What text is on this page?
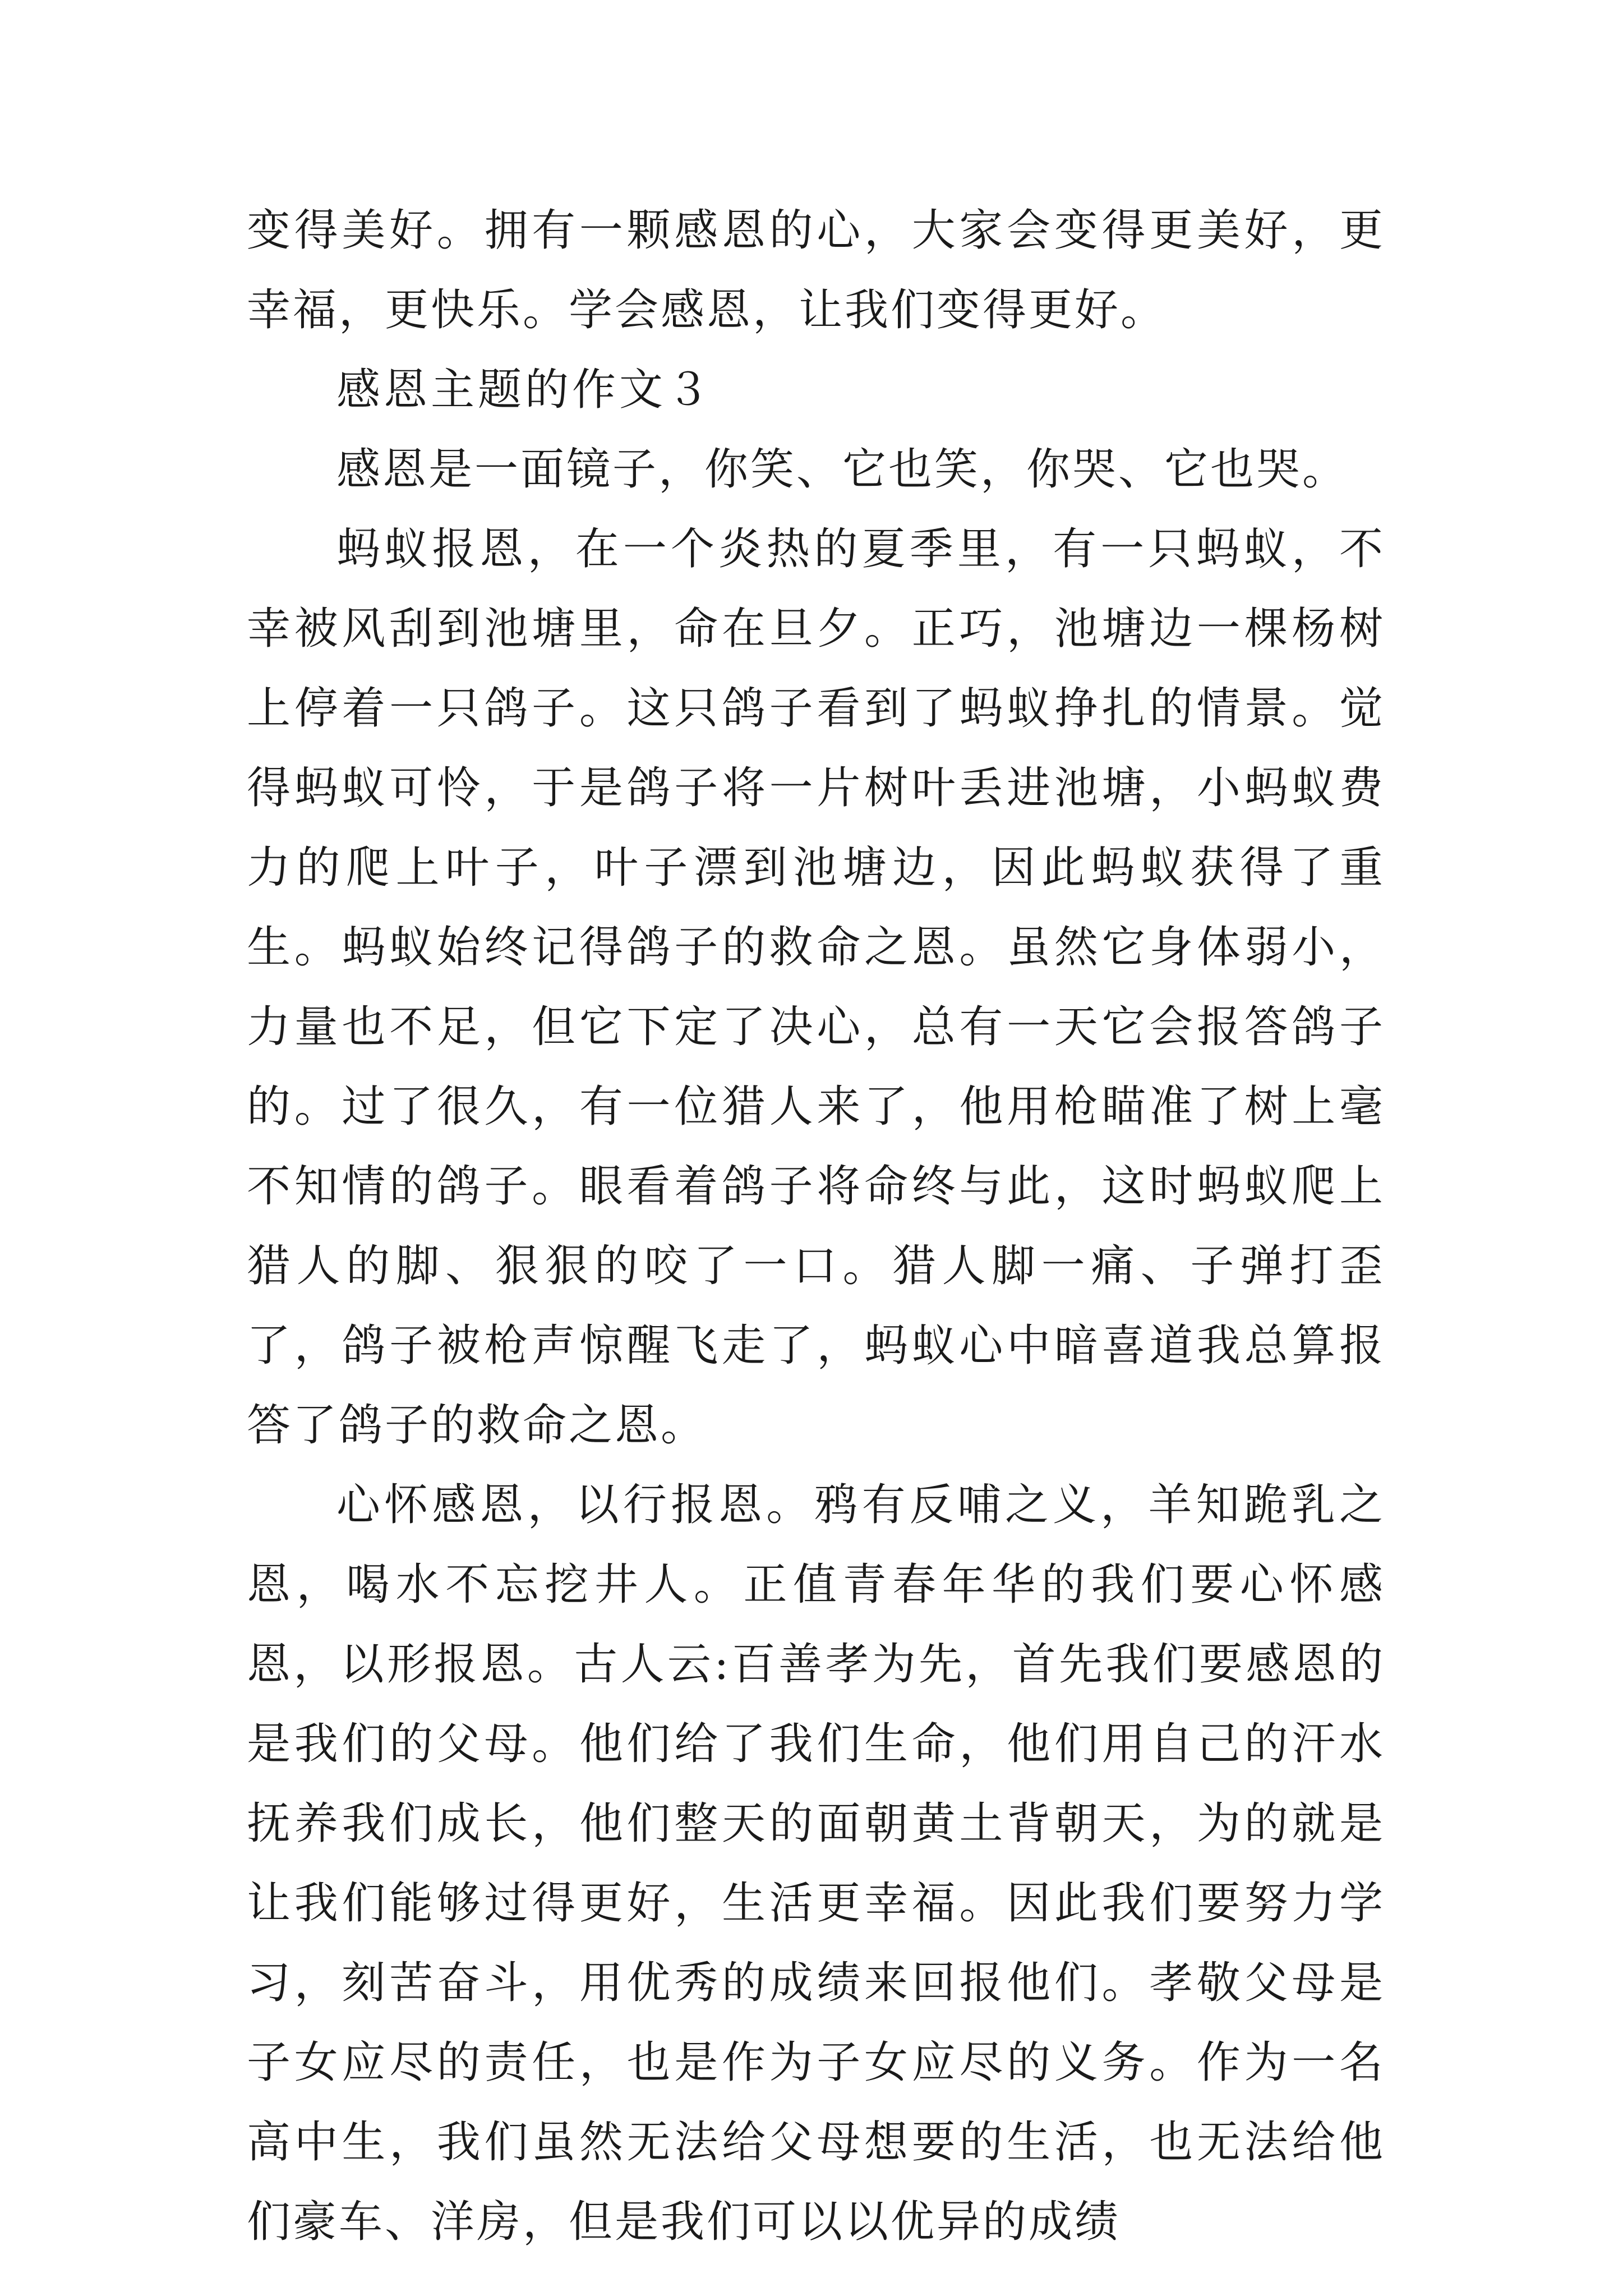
变得美好。拥有一颗感恩的心，大家会变得更美好，更幸福，更快乐。学会感恩，让我们变得更好。

感恩主题的作文３

感恩是一面镜子，你笑、它也笑，你哭、它也哭。

蚂蚁报恩，在一个炎热的夏季里，有一只蚂蚁，不幸被风刮到池塘里，命在旦夕。正巧，池塘边一棵杨树上停着一只鸽子。这只鸽子看到了蚂蚁挣扎的情景。觉得蚂蚁可怜，于是鸽子将一片树叶丢进池塘，小蚂蚁费力的爬上叶子，叶子漂到池塘边，因此蚂蚁获得了重生。蚂蚁始终记得鸽子的救命之恩。虽然它身体弱小，力量也不足，但它下定了决心，总有一天它会报答鸽子的。过了很久，有一位猎人来了，他用枪瞄准了树上毫不知情的鸽子。眼看着鸽子将命终与此，这时蚂蚁爬上猎人的脚、狠狠的咬了一口。猎人脚一痛、子弹打歪了，鸽子被枪声惊醒飞走了，蚂蚁心中暗喜道我总算报答了鸽子的救命之恩。

心怀感恩，以行报恩。鸦有反哺之义，羊知跪乳之恩，喝水不忘挖井人。正值青春年华的我们要心怀感恩，以形报恩。古人云:百善孝为先，首先我们要感恩的是我们的父母。他们给了我们生命，他们用自己的汗水抚养我们成长，他们整天的面朝黄土背朝天，为的就是让我们能够过得更好，生活更幸福。因此我们要努力学习，刻苦奋斗，用优秀的成绩来回报他们。孝敬父母是子女应尽的责任，也是作为子女应尽的义务。作为一名高中生，我们虽然无法给父母想要的生活，也无法给他们豪车、洋房，但是我们可以以优异的成绩
